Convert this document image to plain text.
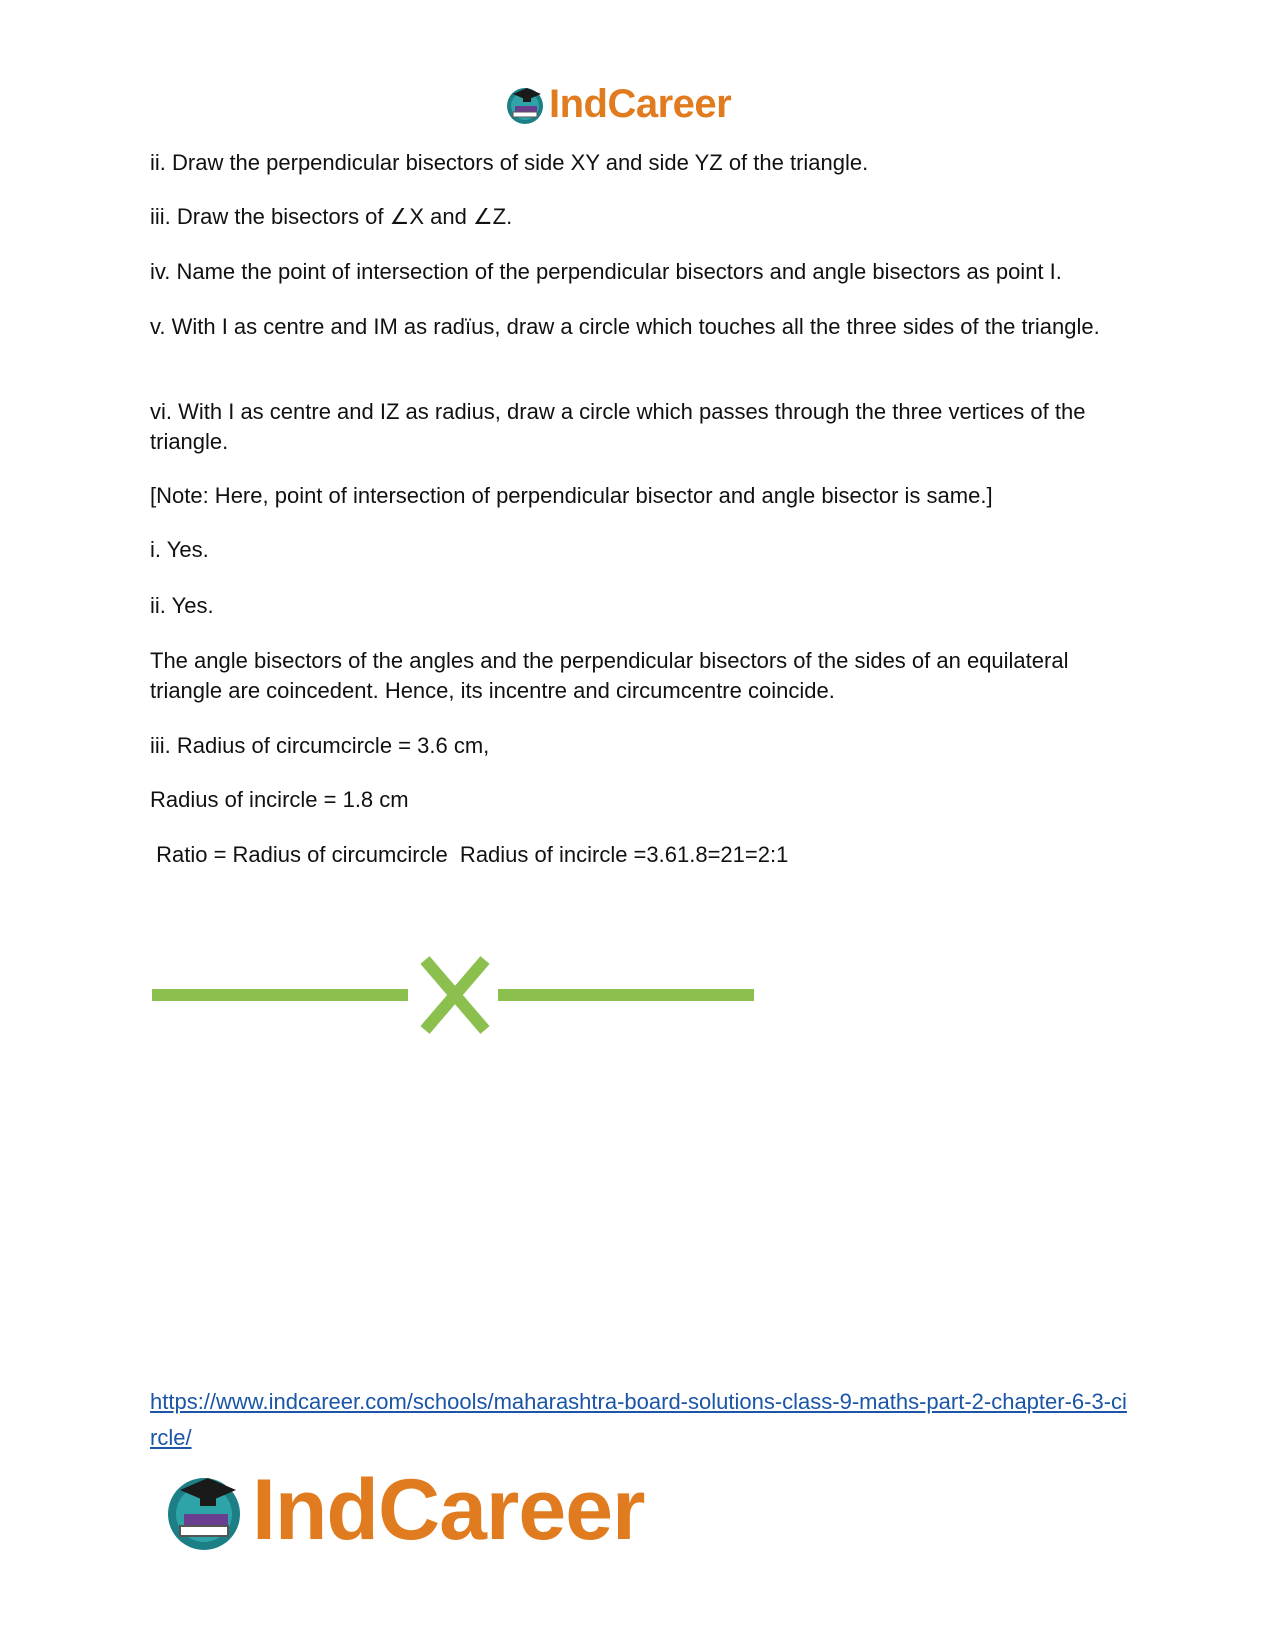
IndCareer

ii. Draw the perpendicular bisectors of side XY and side YZ of the triangle.

iii. Draw the bisectors of ∠X and ∠Z.

iv. Name the point of intersection of the perpendicular bisectors and angle bisectors as point I.

v. With I as centre and IM as radïus, draw a circle which touches all the three sides of the triangle.

vi. With I as centre and IZ as radius, draw a circle which passes through the three vertices of the triangle.

[Note: Here, point of intersection of perpendicular bisector and angle bisector is same.]

i. Yes.

ii. Yes.

The angle bisectors of the angles and the perpendicular bisectors of the sides of an equilateral triangle are coincedent. Hence, its incentre and circumcentre coincide.

iii. Radius of circumcircle = 3.6 cm,

Radius of incircle = 1.8 cm

Ratio = Radius of circumcircle  Radius of incircle =3.61.8=21=2:1

https://www.indcareer.com/schools/maharashtra-board-solutions-class-9-maths-part-2-chapter-6-3-circle/
IndCareer
